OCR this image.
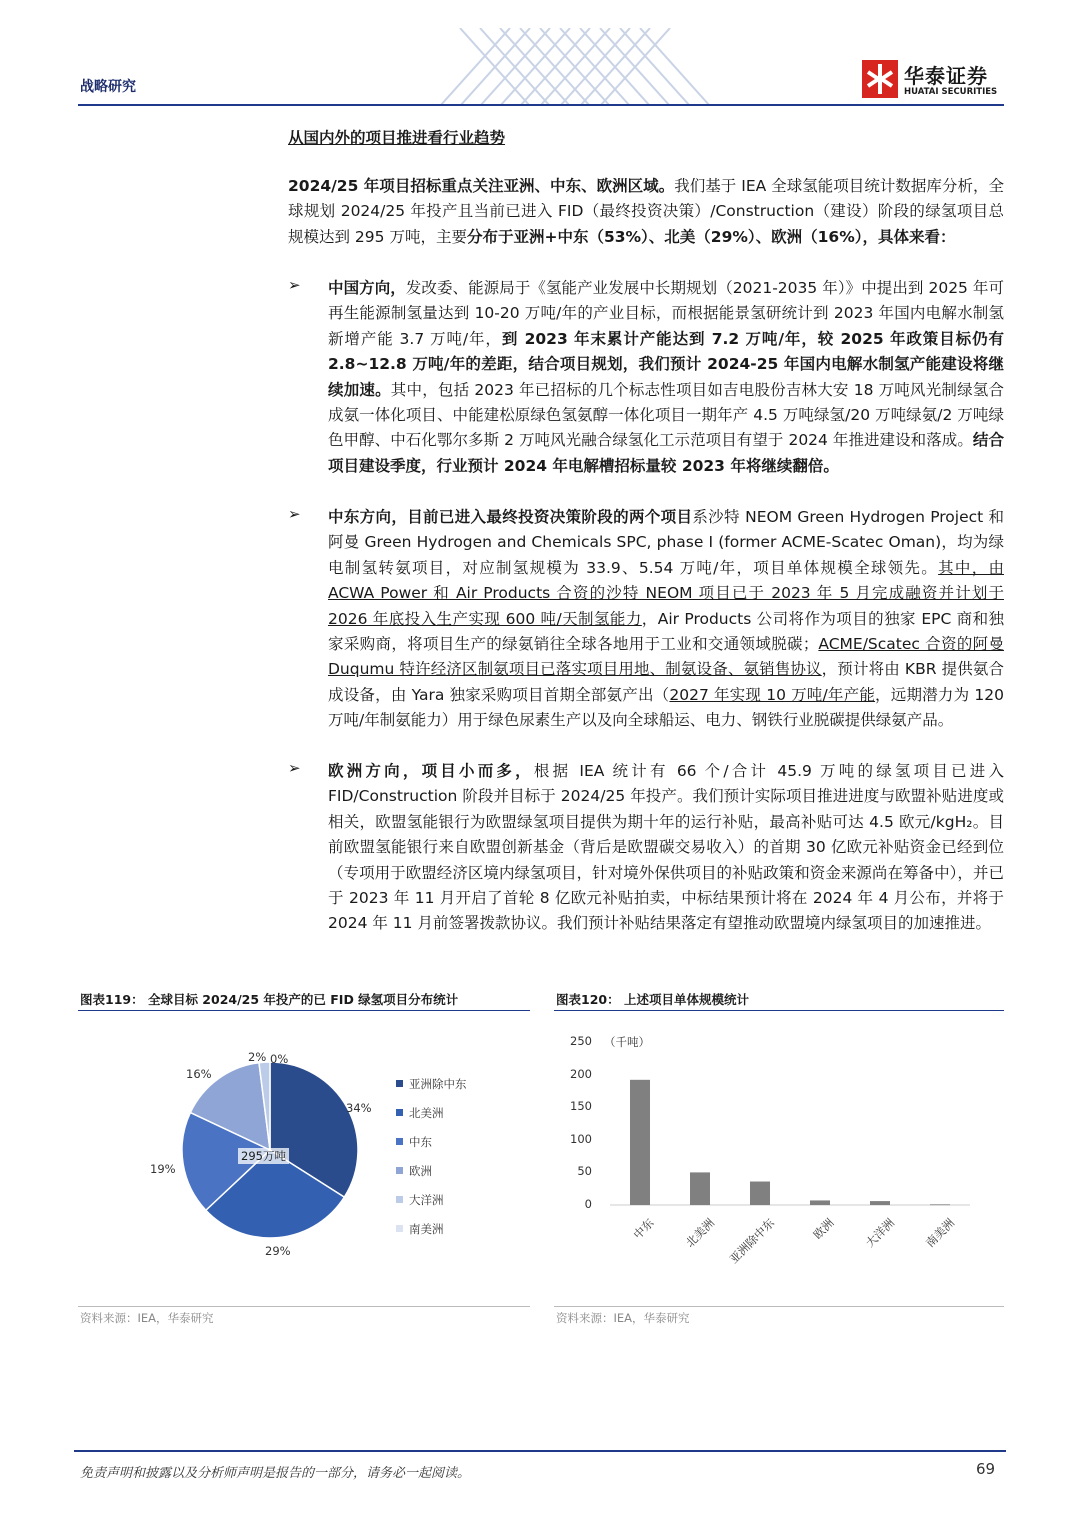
战略研究	华泰证券
HUATAI SECURITIES
从国内外的项目推进看行业趋势
2024/25 年项目招标重点关注亚洲、中东、欧洲区域。我们基于 IEA 全球氢能项目统计数据库分析，全球规划 2024/25 年投产且当前已进入 FID（最终投资决策）/Construction（建设）阶段的绿氢项目总规模达到 295 万吨，主要分布于亚洲+中东（53%）、北美（29%）、欧洲（16%），具体来看：
➢ 中国方向，发改委、能源局于《氢能产业发展中长期规划（2021-2035 年）》中提出到 2025 年可再生能源制氢量达到 10-20 万吨/年的产业目标，而根据能景氢研统计到 2023 年国内电解水制氢新增产能 3.7 万吨/年，到 2023 年末累计产能达到 7.2 万吨/年，较 2025 年政策目标仍有 2.8~12.8 万吨/年的差距，结合项目规划，我们预计 2024-25 年国内电解水制氢产能建设将继续加速。其中，包括 2023 年已招标的几个标志性项目如吉电股份吉林大安 18 万吨风光制绿氢合成氨一体化项目、中能建松原绿色氢氨醇一体化项目一期年产 4.5 万吨绿氢/20 万吨绿氨/2 万吨绿色甲醇、中石化鄂尔多斯 2 万吨风光融合绿氢化工示范项目有望于 2024 年推进建设和落成。结合项目建设季度，行业预计 2024 年电解槽招标量较 2023 年将继续翻倍。
➢ 中东方向，目前已进入最终投资决策阶段的两个项目系沙特 NEOM Green Hydrogen Project 和阿曼 Green Hydrogen and Chemicals SPC, phase I (former ACME-Scatec Oman)，均为绿电制氢转氨项目，对应制氢规模为 33.9、5.54 万吨/年，项目单体规模全球领先。其中，由 ACWA Power 和 Air Products 合资的沙特 NEOM 项目已于 2023 年 5 月完成融资并计划于 2026 年底投入生产实现 600 吨/天制氢能力，Air Products 公司将作为项目的独家 EPC 商和独家采购商，将项目生产的绿氨销往全球各地用于工业和交通领域脱碳；ACME/Scatec 合资的阿曼 Duqumu 特许经济区制氨项目已落实项目用地、制氨设备、氨销售协议，预计将由 KBR 提供氨合成设备，由 Yara 独家采购项目首期全部氨产出（2027 年实现 10 万吨/年产能，远期潜力为 120 万吨/年制氨能力）用于绿色尿素生产以及向全球船运、电力、钢铁行业脱碳提供绿氨产品。
➢ 欧洲方向，项目小而多，根据 IEA 统计有 66 个/合计 45.9 万吨的绿氢项目已进入 FID/Construction 阶段并目标于 2024/25 年投产。我们预计实际项目推进进度与欧盟补贴进度或相关，欧盟氢能银行为欧盟绿氢项目提供为期十年的运行补贴，最高补贴可达 4.5 欧元/kgH₂。目前欧盟氢能银行来自欧盟创新基金（背后是欧盟碳交易收入）的首期 30 亿欧元补贴资金已经到位（专项用于欧盟经济区境内绿氢项目，针对境外保供项目的补贴政策和资金来源尚在筹备中），并已于 2023 年 11 月开启了首轮 8 亿欧元补贴拍卖，中标结果预计将在 2024 年 4 月公布，并将于 2024 年 11 月前签署拨款协议。我们预计补贴结果落定有望推动欧盟境内绿氢项目的加速推进。
图表119： 全球目标 2024/25 年投产的已 FID 绿氢项目分布统计
295万吨
34%
29%
19%
16%
2% 0%
亚洲除中东
北美洲
中东
欧洲
大洋洲
南美洲
资料来源：IEA，华泰研究
图表120： 上述项目单体规模统计
（千吨）
0
50
100
150
200
250
中东 北美洲 亚洲除中东	欧洲 大洋洲 南美洲
资料来源：IEA，华泰研究
免责声明和披露以及分析师声明是报告的一部分，请务必一起阅读。	69
